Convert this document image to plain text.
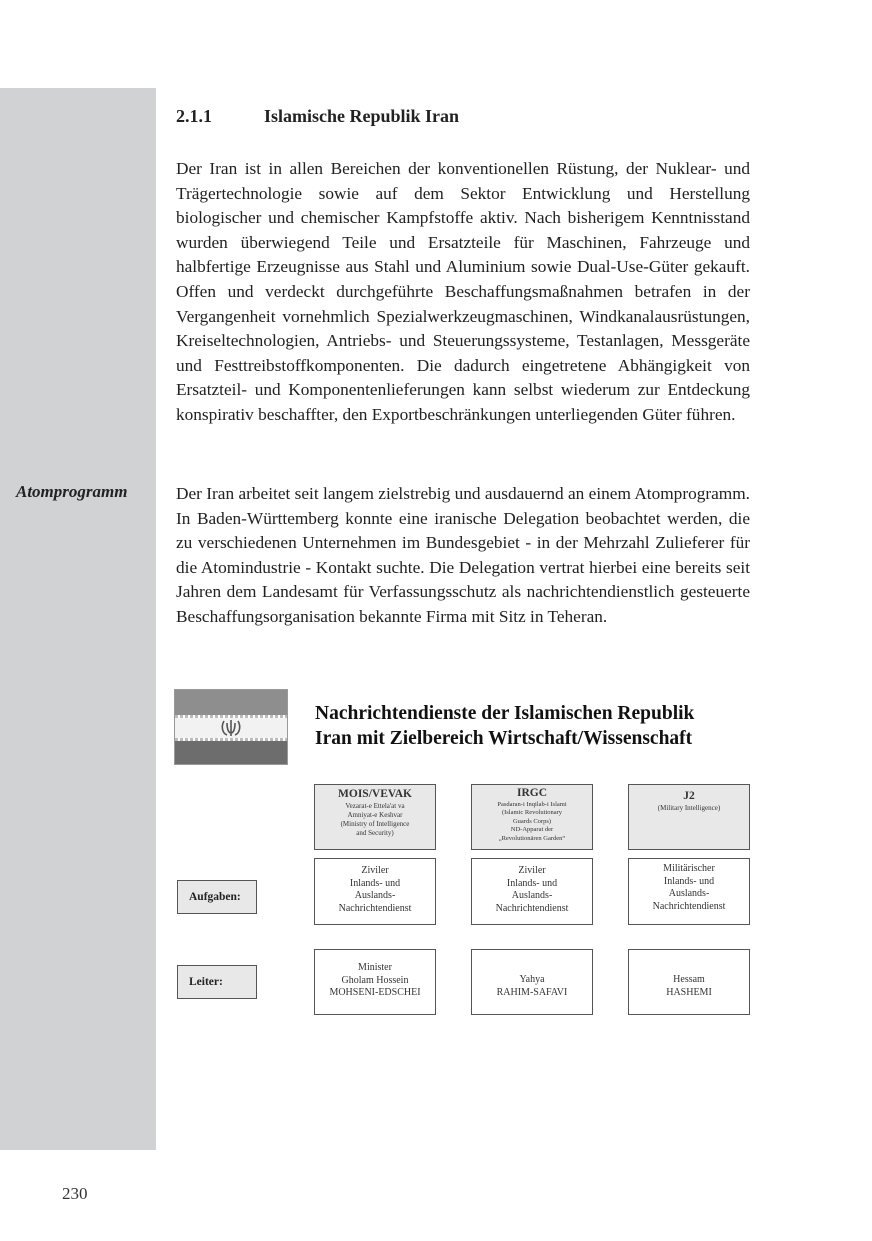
Atomprogramm
2.1.1	Islamische Republik Iran

Der Iran ist in allen Bereichen der konventionellen Rüstung, der Nuklear- und Trägertechnologie sowie auf dem Sektor Entwicklung und Herstellung biologischer und chemischer Kampfstoffe aktiv. Nach bisherigem Kenntnisstand wurden überwiegend Teile und Ersatzteile für Maschinen, Fahrzeuge und halbfertige Erzeugnisse aus Stahl und Aluminium sowie Dual-Use-Güter gekauft. Offen und verdeckt durchgeführte Beschaffungsmaßnahmen betrafen in der Vergangenheit vornehmlich Spezialwerkzeugmaschinen, Windkanalausrüstungen, Kreiseltechnologien, Antriebs- und Steuerungssysteme, Testanlagen, Messgeräte und Festtreibstoffkomponenten. Die dadurch eingetretene Abhängigkeit von Ersatzteil- und Komponentenlieferungen kann selbst wiederum zur Entdeckung konspirativ beschaffter, den Exportbeschränkungen unterliegenden Güter führen.

Der Iran arbeitet seit langem zielstrebig und ausdauernd an einem Atomprogramm. In Baden-Württemberg konnte eine iranische Delegation beobachtet werden, die zu verschiedenen Unternehmen im Bundesgebiet - in der Mehrzahl Zulieferer für die Atomindustrie - Kontakt suchte. Die Delegation vertrat hierbei eine bereits seit Jahren dem Landesamt für Verfassungsschutz als nachrichtendienstlich gesteuerte Beschaffungsorganisation bekannte Firma mit Sitz in Teheran.

Nachrichtendienste der Islamischen Republik
Iran mit Zielbereich Wirtschaft/Wissenschaft
Aufgaben:
Leiter:
MOIS/VEVAK
Vezarat-e Ettela'at va
Amniyat-e Keshvar
(Ministry of Intelligence
and Security)
Ziviler
Inlands- und
Auslands-
Nachrichtendienst
Minister
Gholam Hossein
MOHSENI-EDSCHEI
IRGC
Pasdaran-i Inqilab-i Islami
(Islamic Revolutionary
Guards Corps)
ND-Apparat der
„Revolutionären Garden“
Ziviler
Inlands- und
Auslands-
Nachrichtendienst
Yahya
RAHIM-SAFAVI
J2
(Military Intelligence)
Militärischer
Inlands- und
Auslands-
Nachrichtendienst
Hessam
HASHEMI
230
